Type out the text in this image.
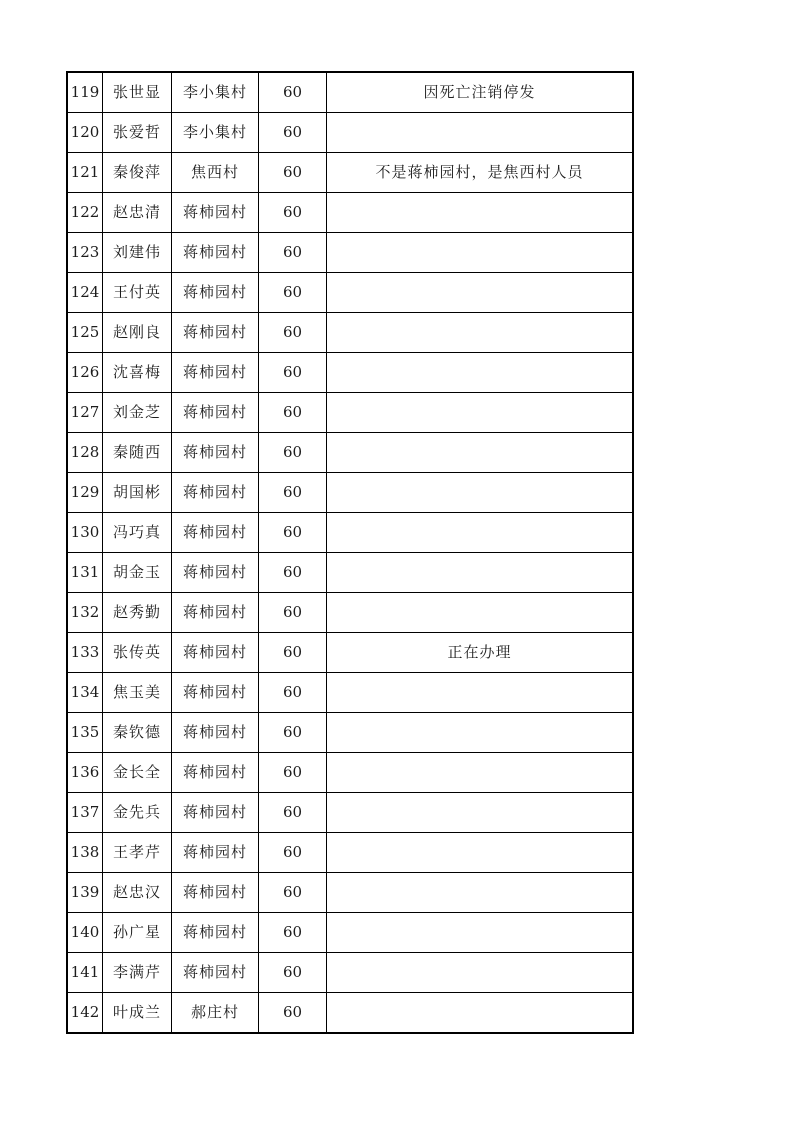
119	张世显	李小集村	60	因死亡注销停发
120	张爱哲	李小集村	60	
121	秦俊萍	焦西村	60	不是蒋柿园村，是焦西村人员
122	赵忠清	蒋柿园村	60	
123	刘建伟	蒋柿园村	60	
124	王付英	蒋柿园村	60	
125	赵刚良	蒋柿园村	60	
126	沈喜梅	蒋柿园村	60	
127	刘金芝	蒋柿园村	60	
128	秦随西	蒋柿园村	60	
129	胡国彬	蒋柿园村	60	
130	冯巧真	蒋柿园村	60	
131	胡金玉	蒋柿园村	60	
132	赵秀勤	蒋柿园村	60	
133	张传英	蒋柿园村	60	正在办理
134	焦玉美	蒋柿园村	60	
135	秦钦德	蒋柿园村	60	
136	金长全	蒋柿园村	60	
137	金先兵	蒋柿园村	60	
138	王孝芹	蒋柿园村	60	
139	赵忠汉	蒋柿园村	60	
140	孙广星	蒋柿园村	60	
141	李满芹	蒋柿园村	60	
142	叶成兰	郝庄村	60	
